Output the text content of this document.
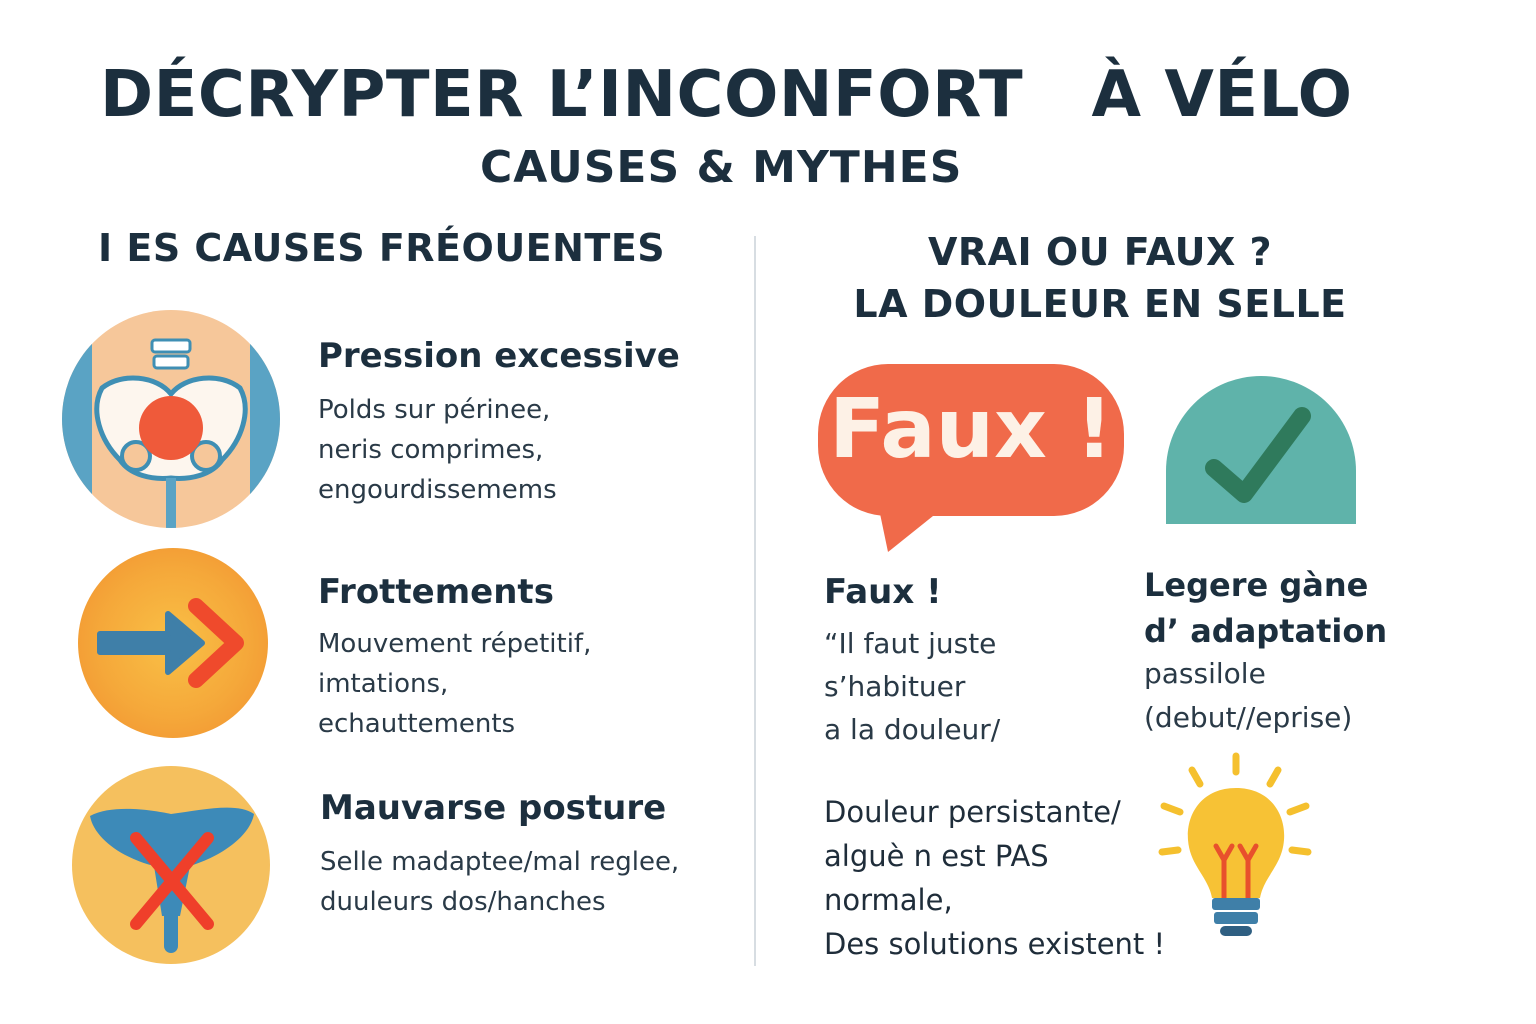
DÉCRYPTER L’INCONFORT   À VÉLO
CAUSES & MYTHES
I ES CAUSES FRÉOUENTES	VRAI OU FAUX ?
LA DOULEUR EN SELLE
Pression excessive
Polds sur périnee,
neris comprimes,
engourdissemems
Frottements
Mouvement répetitif,
imtations,
echauttements
Mauvarse posture
Selle madaptee/mal reglee,
duuleurs dos/hanches
Faux !
Faux !
“Il faut juste
s’habituer
a la douleur/
Legere gàne
d’ adaptation
passilole
(debut//eprise)
Douleur persistante/
alguè n est PAS
normale,
Des solutions existent !
